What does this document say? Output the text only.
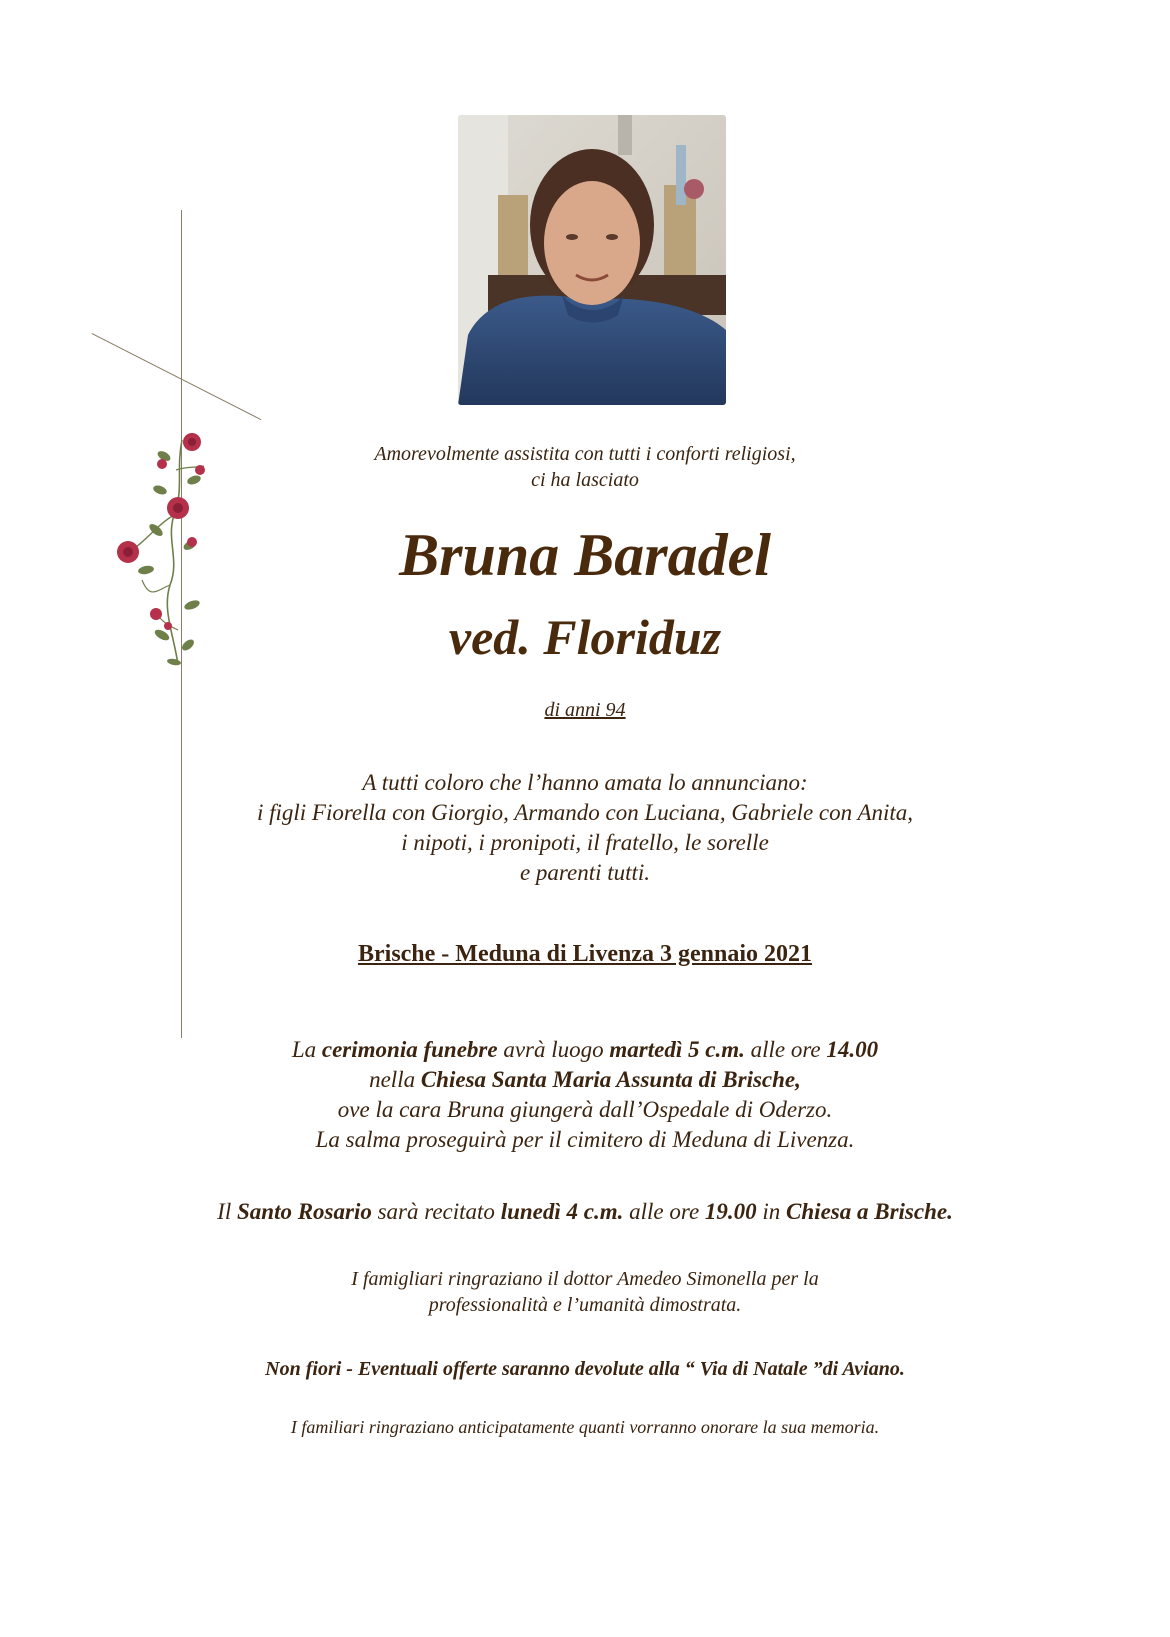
Amorevolmente assistita con tutti i conforti religiosi,
ci ha lasciato
Bruna Baradel
ved. Floriduz
di anni 94
A tutti coloro che l’hanno amata lo annunciano:
i figli Fiorella con Giorgio, Armando con Luciana, Gabriele con Anita,
i nipoti, i pronipoti, il fratello, le sorelle
e parenti tutti.
Brische - Meduna di Livenza 3 gennaio 2021
La cerimonia funebre avrà luogo martedì 5 c.m. alle ore 14.00
nella Chiesa Santa Maria Assunta di Brische,
ove la cara Bruna giungerà dall’Ospedale di Oderzo.
La salma proseguirà per il cimitero di Meduna di Livenza.
Il Santo Rosario sarà recitato lunedì 4 c.m. alle ore 19.00 in Chiesa a Brische.
I famigliari ringraziano il dottor Amedeo Simonella per la
professionalità e l’umanità dimostrata.
Non fiori - Eventuali offerte saranno devolute alla “ Via di Natale ”di Aviano.
I familiari ringraziano anticipatamente quanti vorranno onorare la sua memoria.
